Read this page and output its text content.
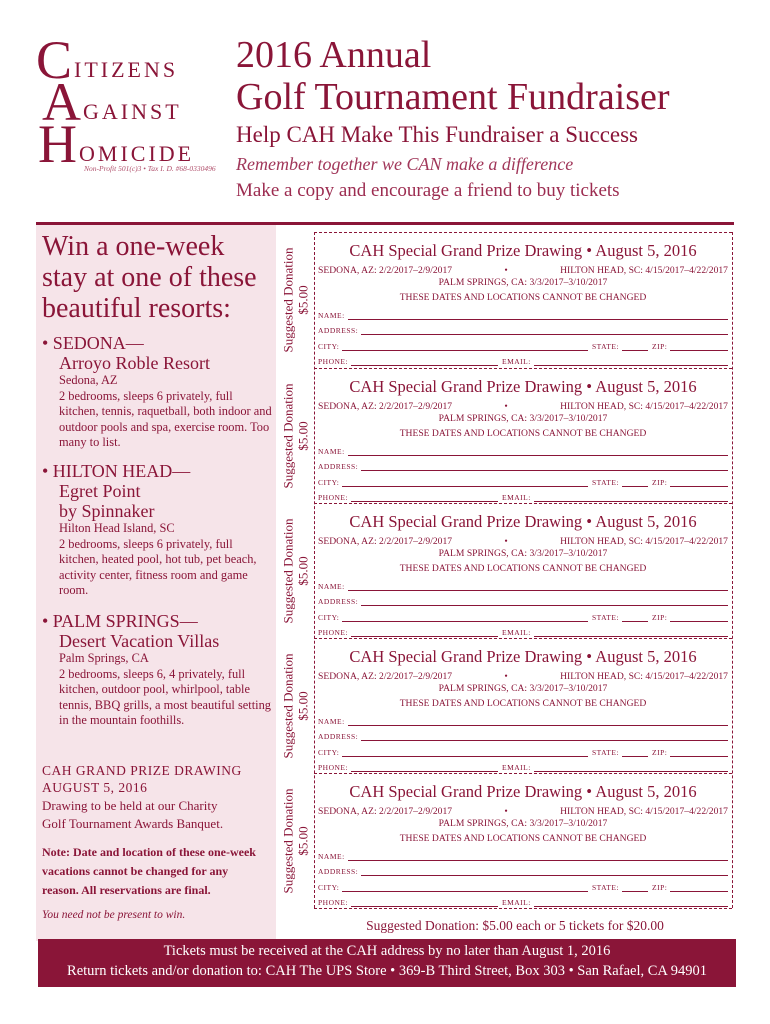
C ITIZENS
A GAINST
H OMICIDE
Non-Profit 501(c)3 • Tax I. D. #68-0330496
2016 Annual
Golf Tournament Fundraiser
Help CAH Make This Fundraiser a Success
Remember together we CAN make a difference
Make a copy and encourage a friend to buy tickets
Win a one-week stay at one of these beautiful resorts:
• SEDONA—
Arroyo Roble Resort
Sedona, AZ
2 bedrooms, sleeps 6 privately, full kitchen, tennis, raquetball, both indoor and outdoor pools and spa, exercise room. Too many to list.
• HILTON HEAD—
Egret Point
by Spinnaker
Hilton Head Island, SC
2 bedrooms, sleeps 6 privately, full kitchen, heated pool, hot tub, pet beach, activity center, fitness room and game room.
• PALM SPRINGS—
Desert Vacation Villas
Palm Springs, CA
2 bedrooms, sleeps 6, 4 privately, full kitchen, outdoor pool, whirlpool, table tennis, BBQ grills, a most beautiful setting in the mountain foothills.
CAH GRAND PRIZE DRAWING AUGUST 5, 2016
Drawing to be held at our Charity Golf Tournament Awards Banquet.
Note: Date and location of these one-week vacations cannot be changed for any reason. All reservations are final.
You need not be present to win.
Suggested Donation $5.00
Suggested Donation $5.00
Suggested Donation $5.00
Suggested Donation $5.00
Suggested Donation $5.00
CAH Special Grand Prize Drawing • August 5, 2016
SEDONA, AZ: 2/2/2017–2/9/2017	•	HILTON HEAD, SC: 4/15/2017–4/22/2017
PALM SPRINGS, CA: 3/3/2017–3/10/2017
THESE DATES AND LOCATIONS CANNOT BE CHANGED
NAME:
ADDRESS:
CITY:	STATE:	ZIP:
PHONE:	EMAIL:
CAH Special Grand Prize Drawing • August 5, 2016
SEDONA, AZ: 2/2/2017–2/9/2017	•	HILTON HEAD, SC: 4/15/2017–4/22/2017
PALM SPRINGS, CA: 3/3/2017–3/10/2017
THESE DATES AND LOCATIONS CANNOT BE CHANGED
NAME:
ADDRESS:
CITY:	STATE:	ZIP:
PHONE:	EMAIL:
CAH Special Grand Prize Drawing • August 5, 2016
SEDONA, AZ: 2/2/2017–2/9/2017	•	HILTON HEAD, SC: 4/15/2017–4/22/2017
PALM SPRINGS, CA: 3/3/2017–3/10/2017
THESE DATES AND LOCATIONS CANNOT BE CHANGED
NAME:
ADDRESS:
CITY:	STATE:	ZIP:
PHONE:	EMAIL:
CAH Special Grand Prize Drawing • August 5, 2016
SEDONA, AZ: 2/2/2017–2/9/2017	•	HILTON HEAD, SC: 4/15/2017–4/22/2017
PALM SPRINGS, CA: 3/3/2017–3/10/2017
THESE DATES AND LOCATIONS CANNOT BE CHANGED
NAME:
ADDRESS:
CITY:	STATE:	ZIP:
PHONE:	EMAIL:
CAH Special Grand Prize Drawing • August 5, 2016
SEDONA, AZ: 2/2/2017–2/9/2017	•	HILTON HEAD, SC: 4/15/2017–4/22/2017
PALM SPRINGS, CA: 3/3/2017–3/10/2017
THESE DATES AND LOCATIONS CANNOT BE CHANGED
NAME:
ADDRESS:
CITY:	STATE:	ZIP:
PHONE:	EMAIL:
Suggested Donation: $5.00 each or 5 tickets for $20.00
Tickets must be received at the CAH address by no later than August 1, 2016
Return tickets and/or donation to: CAH The UPS Store • 369-B Third Street, Box 303 • San Rafael, CA 94901
